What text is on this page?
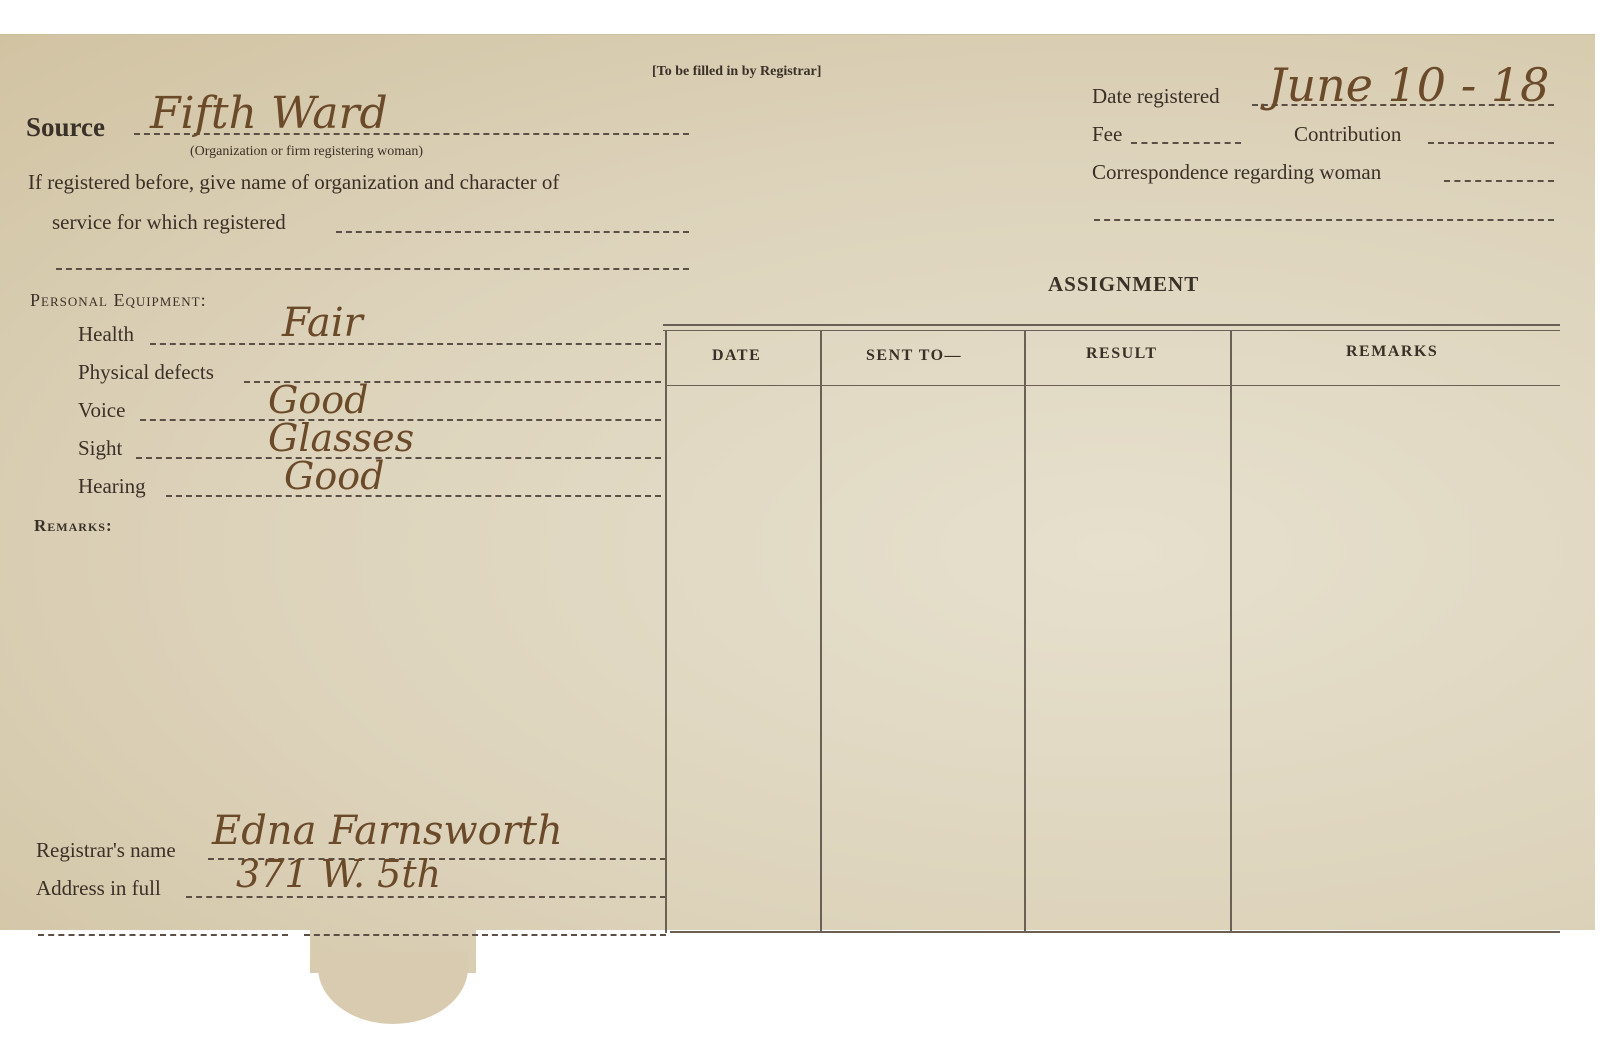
[To be filled in by Registrar]
Source Fifth Ward
(Organization or firm registering woman)
If registered before, give name of organization and character of
service for which registered
Date registered June 10 - 18
Fee	Contribution
Correspondence regarding woman
Personal Equipment:
Health	Fair
Physical defects
Voice	Good
Sight	Glasses
Hearing	Good
Remarks:
Registrar's name Edna Farnsworth
Address in full 371 W. 5th
ASSIGNMENT
DATE	SENT TO—	RESULT	REMARKS
